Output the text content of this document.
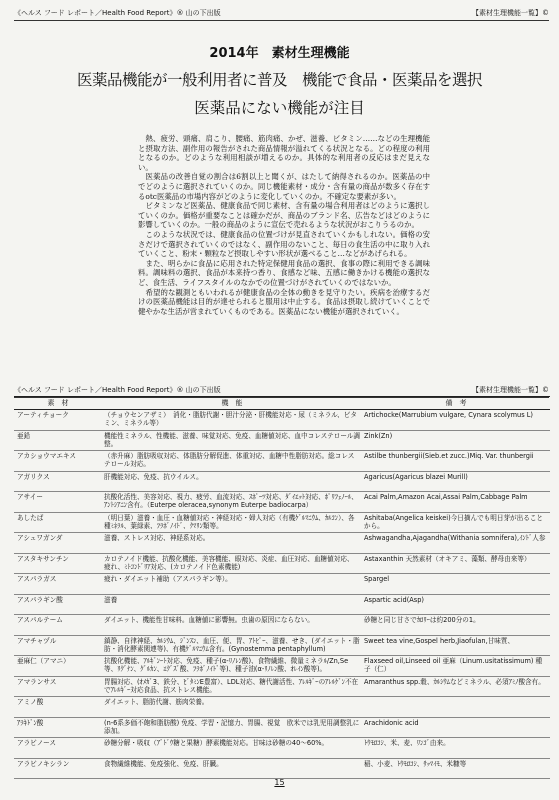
《ヘルス フード レポート／Health Food Report》® 山の下出版	【素材生理機能一覧】©
2014年　素材生理機能
医薬品機能が一般利用者に普及　機能で食品・医薬品を選択
医薬品にない機能が注目
　熱、疲労、頭痛、肩こり、腰痛、筋肉痛、かぜ、滋養、ビタミン……などの生理機能と摂取方法、副作用の報告がされた商品情報が溢れてくる状況となる。どの程度の利用となるのか。どのような利用相談が増えるのか。具体的な利用者の反応はまだ見えない。
　医薬品の改善自覚の割合は6割以上と聞くが、はたして納得されるのか。医薬品の中でどのように選択されていくのか。同じ機能素材・成分・含有量の商品が数多く存在するotc医薬品の市場内容がどのように変化していくのか。不確定な要素が多い。
　ビタミンなど医薬品、健康食品で同じ素材、含有量の場合利用者はどのように選択していくのか。価格が重要なことは確かだが、商品のブランド名、広告などはどのように影響していくのか。一般の商品のように宣伝で売れるような状況がおこりうるのか。
　このような状況では、健康食品の位置づけが見直されていくかもしれない。価格の安さだけで選択されていくのではなく、副作用のないこと、毎日の食生活の中に取り入れていくこと、粉末・顆粒など摂取しやすい形状が選べること…などがあげられる。
　また、明らかに食品に応用された特定保健用食品の選択、食事の際に利用できる調味料。調味料の選択、食品が本来持つ香り、食感など味、五感に働きかける機能の選択など、食生活、ライフスタイルのなかでの位置づけがされていくのではないか。
　希望的な観測ともいわれるが健康食品の全体の動きを見守りたい。疾病を治療するだけの医薬品機能は目的が達せられると服用は中止する。食品は摂取し続けていくことで健やかな生活が営まれていくものである。医薬品にない機能が選択されていく。
《ヘルス フード レポート／Health Food Report》® 山の下出版	【素材生理機能一覧】©
素　材	機　能	備　考
アーティチョーク	（チョウセンアザミ）　消化・脂肪代謝・胆汁分泌・肝機能対応・尿（ミネラル、ビタミン、ミネラル等）	Artichocke(Marrubium vulgare, Cynara scolymus L)
亜鉛	機能性ミネラル、性機能、滋養、味覚対応、免疫、血糖値対応、血中コレステロール調整。	Zink(Zn)
アカショウマエキス	（赤升麻）脂肪吸収対応、体脂肪分解促進、体重対応、血糖中性脂肪対応。総コレステロール対応。	Astilbe thunbergii(Sieb.et zucc.)Miq. Var. thunbergii
アガリクス	肝機能対応、免疫、抗ウイルス。	Agaricus(Agaricus blazei Murill)
アサイー	抗酸化活性、美容対応、視力、疲労、血流対応、ｽﾎﾟｰﾂ対応、ﾀﾞｲｴｯﾄ対応、ﾎﾟﾘﾌｪﾉｰﾙ、ｱﾝﾄｼｱﾆﾝ含有。（Euterpe oleracea,synonym Euterpe badiocarpa）	Acai Palm,Amazon Acai,Assai Palm,Cabbage Palm
あしたば	（明日葉）滋養・血圧・血糖値対応・神経対応・婦人対応（有機ｹﾞﾙﾏﾆｳﾑ、ｶﾙｺﾝ）、各種ﾐﾈﾗﾙ、葉緑素、ﾌﾗﾎﾞﾉｲﾄﾞ、ｸﾏﾘﾝ類等。	Ashitaba(Angelica keiskei)今日摘んでも明日芽が出ることから。
アシュワガンダ	滋養、ストレス対応、神経系対応。	Ashwagandha,Ajagandha(Withania somnifera),ｲﾝﾄﾞ人参
アスタキサンチン	カロテノイド機能、抗酸化機能、美容機能、眼対応、炎症、血圧対応、血糖値対応、疲れ、ﾐﾄｺﾝﾄﾞﾘｱ対応、(カロテノイド色素機能)	Astaxanthin 天然素材（オキアミ、藻類、酵母由来等）
アスパラガス	疲れ・ダイエット補助（アスパラギン等）。	Spargel
アスパラギン酸	滋養	Aspartic acid(Asp)
アスパルテーム	ダイエット、機能性甘味料。血糖値に影響無。虫歯の原因にならない。	砂糖と同じ甘さでｶﾛﾘｰは約200分の1。
アマチャヅル	鎮静、自律神経、ｶﾙｼｳﾑ、ｼﾞﾝｽﾝ、血圧、便、胃、ｱﾄﾋﾟｰ、滋養、せき、(ダイエット・脂肪・消化酵素関連等)、有機ｹﾞﾙﾏﾆｳﾑ含有。(Gynostemma pentaphyllum)	Sweet tea vine,Gospel herb,Jiaofulan,甘味質、
亜麻仁（アマニ）	抗酸化機能、ｱﾙｷﾞﾝｰﾄ対応、免疫、種子(α-ﾘﾉﾚﾝ酸)、食物繊維、微量ミネラﾙ/Zn,Se等、ﾘｸﾞﾅﾝ、ｸﾞﾙｶﾝ、ｴｸﾞｽﾞ酸、ﾌﾗﾎﾞﾉｲﾄﾞ等)、種子油(α-ﾘﾉﾚﾝ酸、ｵﾚｲﾝ酸等)。	Flaxseed oil,Linseed oil 亜麻（Linum.usitatissimum) 種子（仁）
アマランサス	胃腸対応、(ｵﾒｶﾞ3、鉄分、ﾋﾞﾀﾐﾝE豊富）、LDL対応、糖代謝活性、ｱﾚﾙｷﾞｰのｱﾚﾙｹﾞﾝ不在でｱﾚﾙｷﾞｰ対応食品、抗ストレス機能。	Amaranthus spp.穀、ｶﾙｼｳﾑなどミネラル、必須ｱﾐﾉ酸含有。
アミノ酸	ダイエット、脂肪代謝、筋肉栄養。	
ｱﾗｷﾄﾞﾝ酸	(n-6系多価不飽和脂肪酸) 免疫、学習・記憶力、胃腸、視覚　欧米では乳児用調整乳に添加。	Arachidonic acid
アラビノース	砂糖分解・吸収（ｱﾞﾄﾞｳ糖と果糖）酵素機能対応。甘味は砂糖の40～60%。	ﾄｳﾓﾛｺｼ、米、麦、ﾘﾝｺﾞ由来。
アラビノキシラン	食物繊維機能、免疫強化、免疫、肝臓。	稲、小麦、ﾄｳﾓﾛｺｼ、ｻｯﾏｲﾓ、米糠等
15
